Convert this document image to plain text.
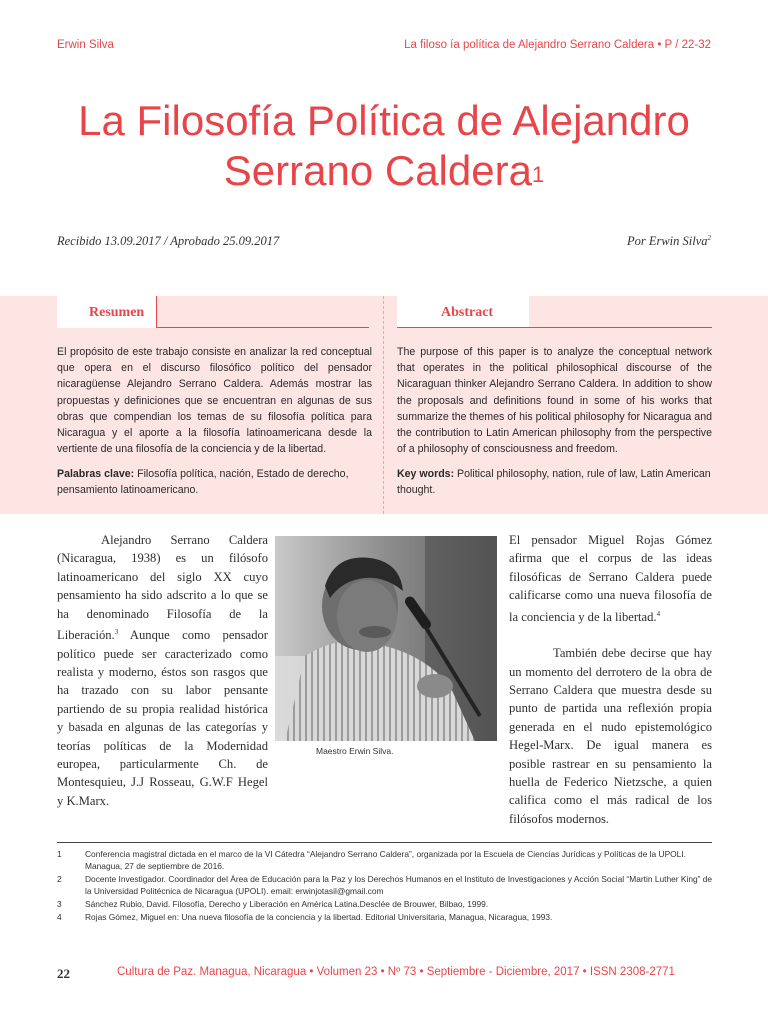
Erwin Silva	La filoso ía política de Alejandro Serrano Caldera • P / 22-32
La Filosofía Política de Alejandro
Serrano Caldera$^1$
Recibido 13.09.2017 / Aprobado 25.09.2017	Por Erwin Silva$^2$
Resumen	Abstract

El propósito de este trabajo consiste en analizar la red conceptual que opera en el discurso filosófico político del pensador nicaragüense Alejandro Serrano Caldera. Además mostrar las propuestas y definiciones que se encuentran en algunas de sus obras que compendian los temas de su filosofía política para Nicaragua y el aporte a la filosofía latinoamericana desde la vertiente de una filosofía de la conciencia y de la libertad.

The purpose of this paper is to analyze the conceptual network that operates in the political philosophical discourse of the Nicaraguan thinker Alejandro Serrano Caldera. In addition to show the proposals and definitions found in some of his works that summarize the themes of his political philosophy for Nicaragua and the contribution to Latin American philosophy from the perspective of a philosophy of consciousness and freedom.

Palabras clave: Filosofía política, nación, Estado de derecho, pensamiento latinoamericano.

Key words: Political philosophy, nation, rule of law, Latin American thought.

Alejandro Serrano Caldera (Nicaragua, 1938) es un filósofo latinoamericano del siglo XX cuyo pensamiento ha sido adscrito a lo que se ha denominado Filosofía de la Liberación.$^3$ Aunque como pensador político puede ser caracterizado como realista y moderno, éstos son rasgos que ha trazado con su labor pensante partiendo de su propia realidad histórica y basada en algunas de las categorías y teorías políticas de la Modernidad europea, particularmente Ch. de Montesquieu, J.J Rosseau, G.W.F Hegel y K.Marx.

Maestro Erwin Silva.

El pensador Miguel Rojas Gómez afirma que el corpus de las ideas filosóficas de Serrano Caldera puede calificarse como una nueva filosofía de la conciencia y de la libertad.$^4$

También debe decirse que hay un momento del derrotero de la obra de Serrano Caldera que muestra desde su punto de partida una reflexión propia generada en el nudo epistemológico Hegel-Marx. De igual manera es posible rastrear en su pensamiento la huella de Federico Nietzsche, a quien califica como el más radical de los filósofos modernos.

1	Conferencia magistral dictada en el marco de la VI Cátedra “Alejandro Serrano Caldera”, organizada por la Escuela de Ciencias Jurídicas y Políticas de la UPOLI. Managua, 27 de septiembre de 2016.
2	Docente Investigador. Coordinador del Área de Educación para la Paz y los Derechos Humanos en el Instituto de Investigaciones y Acción Social “Martin Luther King” de la Universidad Politécnica de Nicaragua (UPOLI). email: erwinjotasil@gmail.com
3	Sánchez Rubio, David. Filosofía, Derecho y Liberación en América Latina.Desclée de Brouwer, Bilbao, 1999.
4	Rojas Gómez, Miguel en: Una nueva filosofía de la conciencia y la libertad. Editorial Universitaria, Managua, Nicaragua, 1993.
22	Cultura de Paz. Managua, Nicaragua • Volumen 23 • Nº 73 • Septiembre - Diciembre, 2017 • ISSN 2308-2771
